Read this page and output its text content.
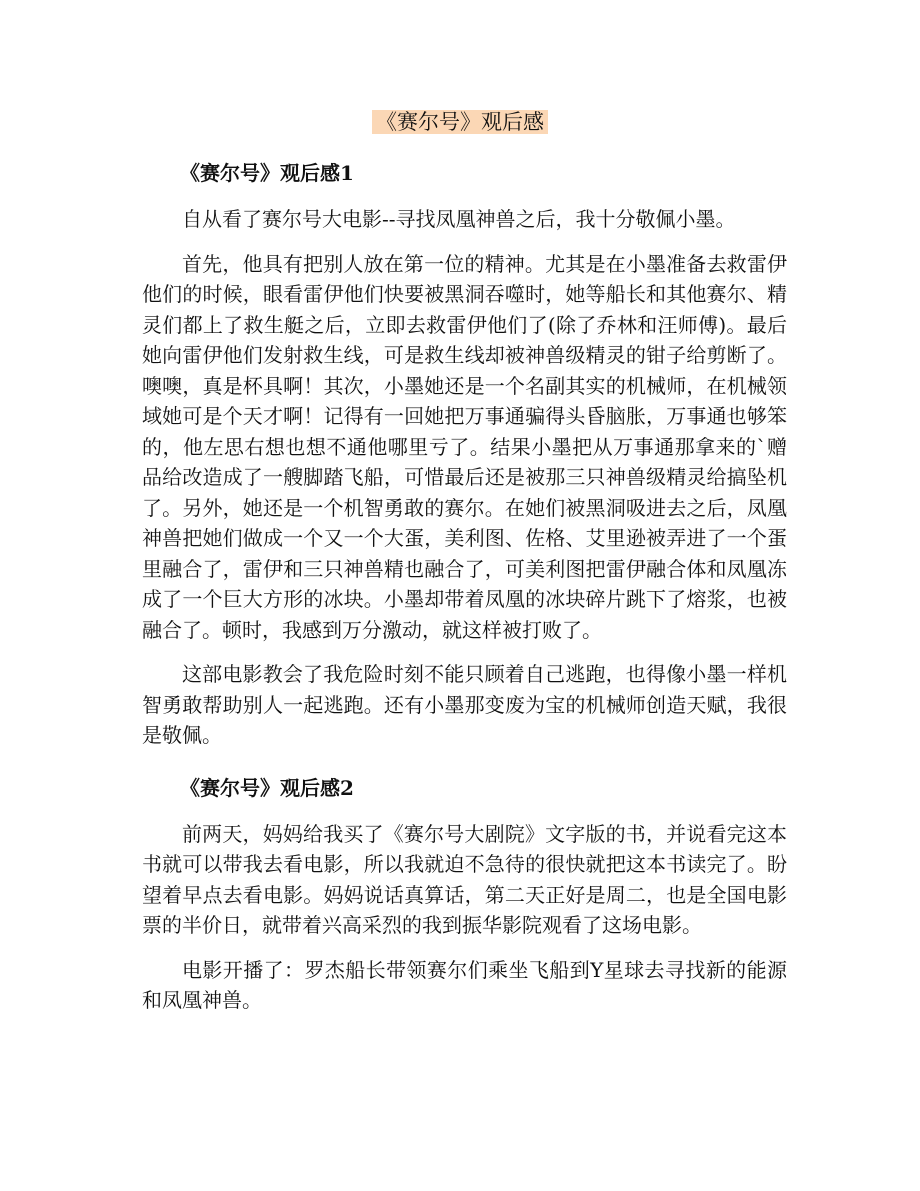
《赛尔号》观后感
《赛尔号》观后感1

自从看了赛尔号大电影--寻找凤凰神兽之后，我十分敬佩小墨。

首先，他具有把别人放在第一位的精神。尤其是在小墨准备去救雷伊他们的时候，眼看雷伊他们快要被黑洞吞噬时，她等船长和其他赛尔、精灵们都上了救生艇之后，立即去救雷伊他们了(除了乔林和汪师傅)。最后她向雷伊他们发射救生线，可是救生线却被神兽级精灵的钳子给剪断了。噢噢，真是杯具啊！其次，小墨她还是一个名副其实的机械师，在机械领域她可是个天才啊！记得有一回她把万事通骗得头昏脑胀，万事通也够笨的，他左思右想也想不通他哪里亏了。结果小墨把从万事通那拿来的`赠品给改造成了一艘脚踏飞船，可惜最后还是被那三只神兽级精灵给搞坠机了。另外，她还是一个机智勇敢的赛尔。在她们被黑洞吸进去之后，凤凰神兽把她们做成一个又一个大蛋，美利图、佐格、艾里逊被弄进了一个蛋里融合了，雷伊和三只神兽精也融合了，可美利图把雷伊融合体和凤凰冻成了一个巨大方形的冰块。小墨却带着凤凰的冰块碎片跳下了熔浆，也被融合了。顿时，我感到万分激动，就这样被打败了。

这部电影教会了我危险时刻不能只顾着自己逃跑，也得像小墨一样机智勇敢帮助别人一起逃跑。还有小墨那变废为宝的机械师创造天赋，我很是敬佩。

《赛尔号》观后感2

前两天，妈妈给我买了《赛尔号大剧院》文字版的书，并说看完这本书就可以带我去看电影，所以我就迫不急待的很快就把这本书读完了。盼望着早点去看电影。妈妈说话真算话，第二天正好是周二，也是全国电影票的半价日，就带着兴高采烈的我到振华影院观看了这场电影。

电影开播了：罗杰船长带领赛尔们乘坐飞船到Y星球去寻找新的能源和凤凰神兽。
